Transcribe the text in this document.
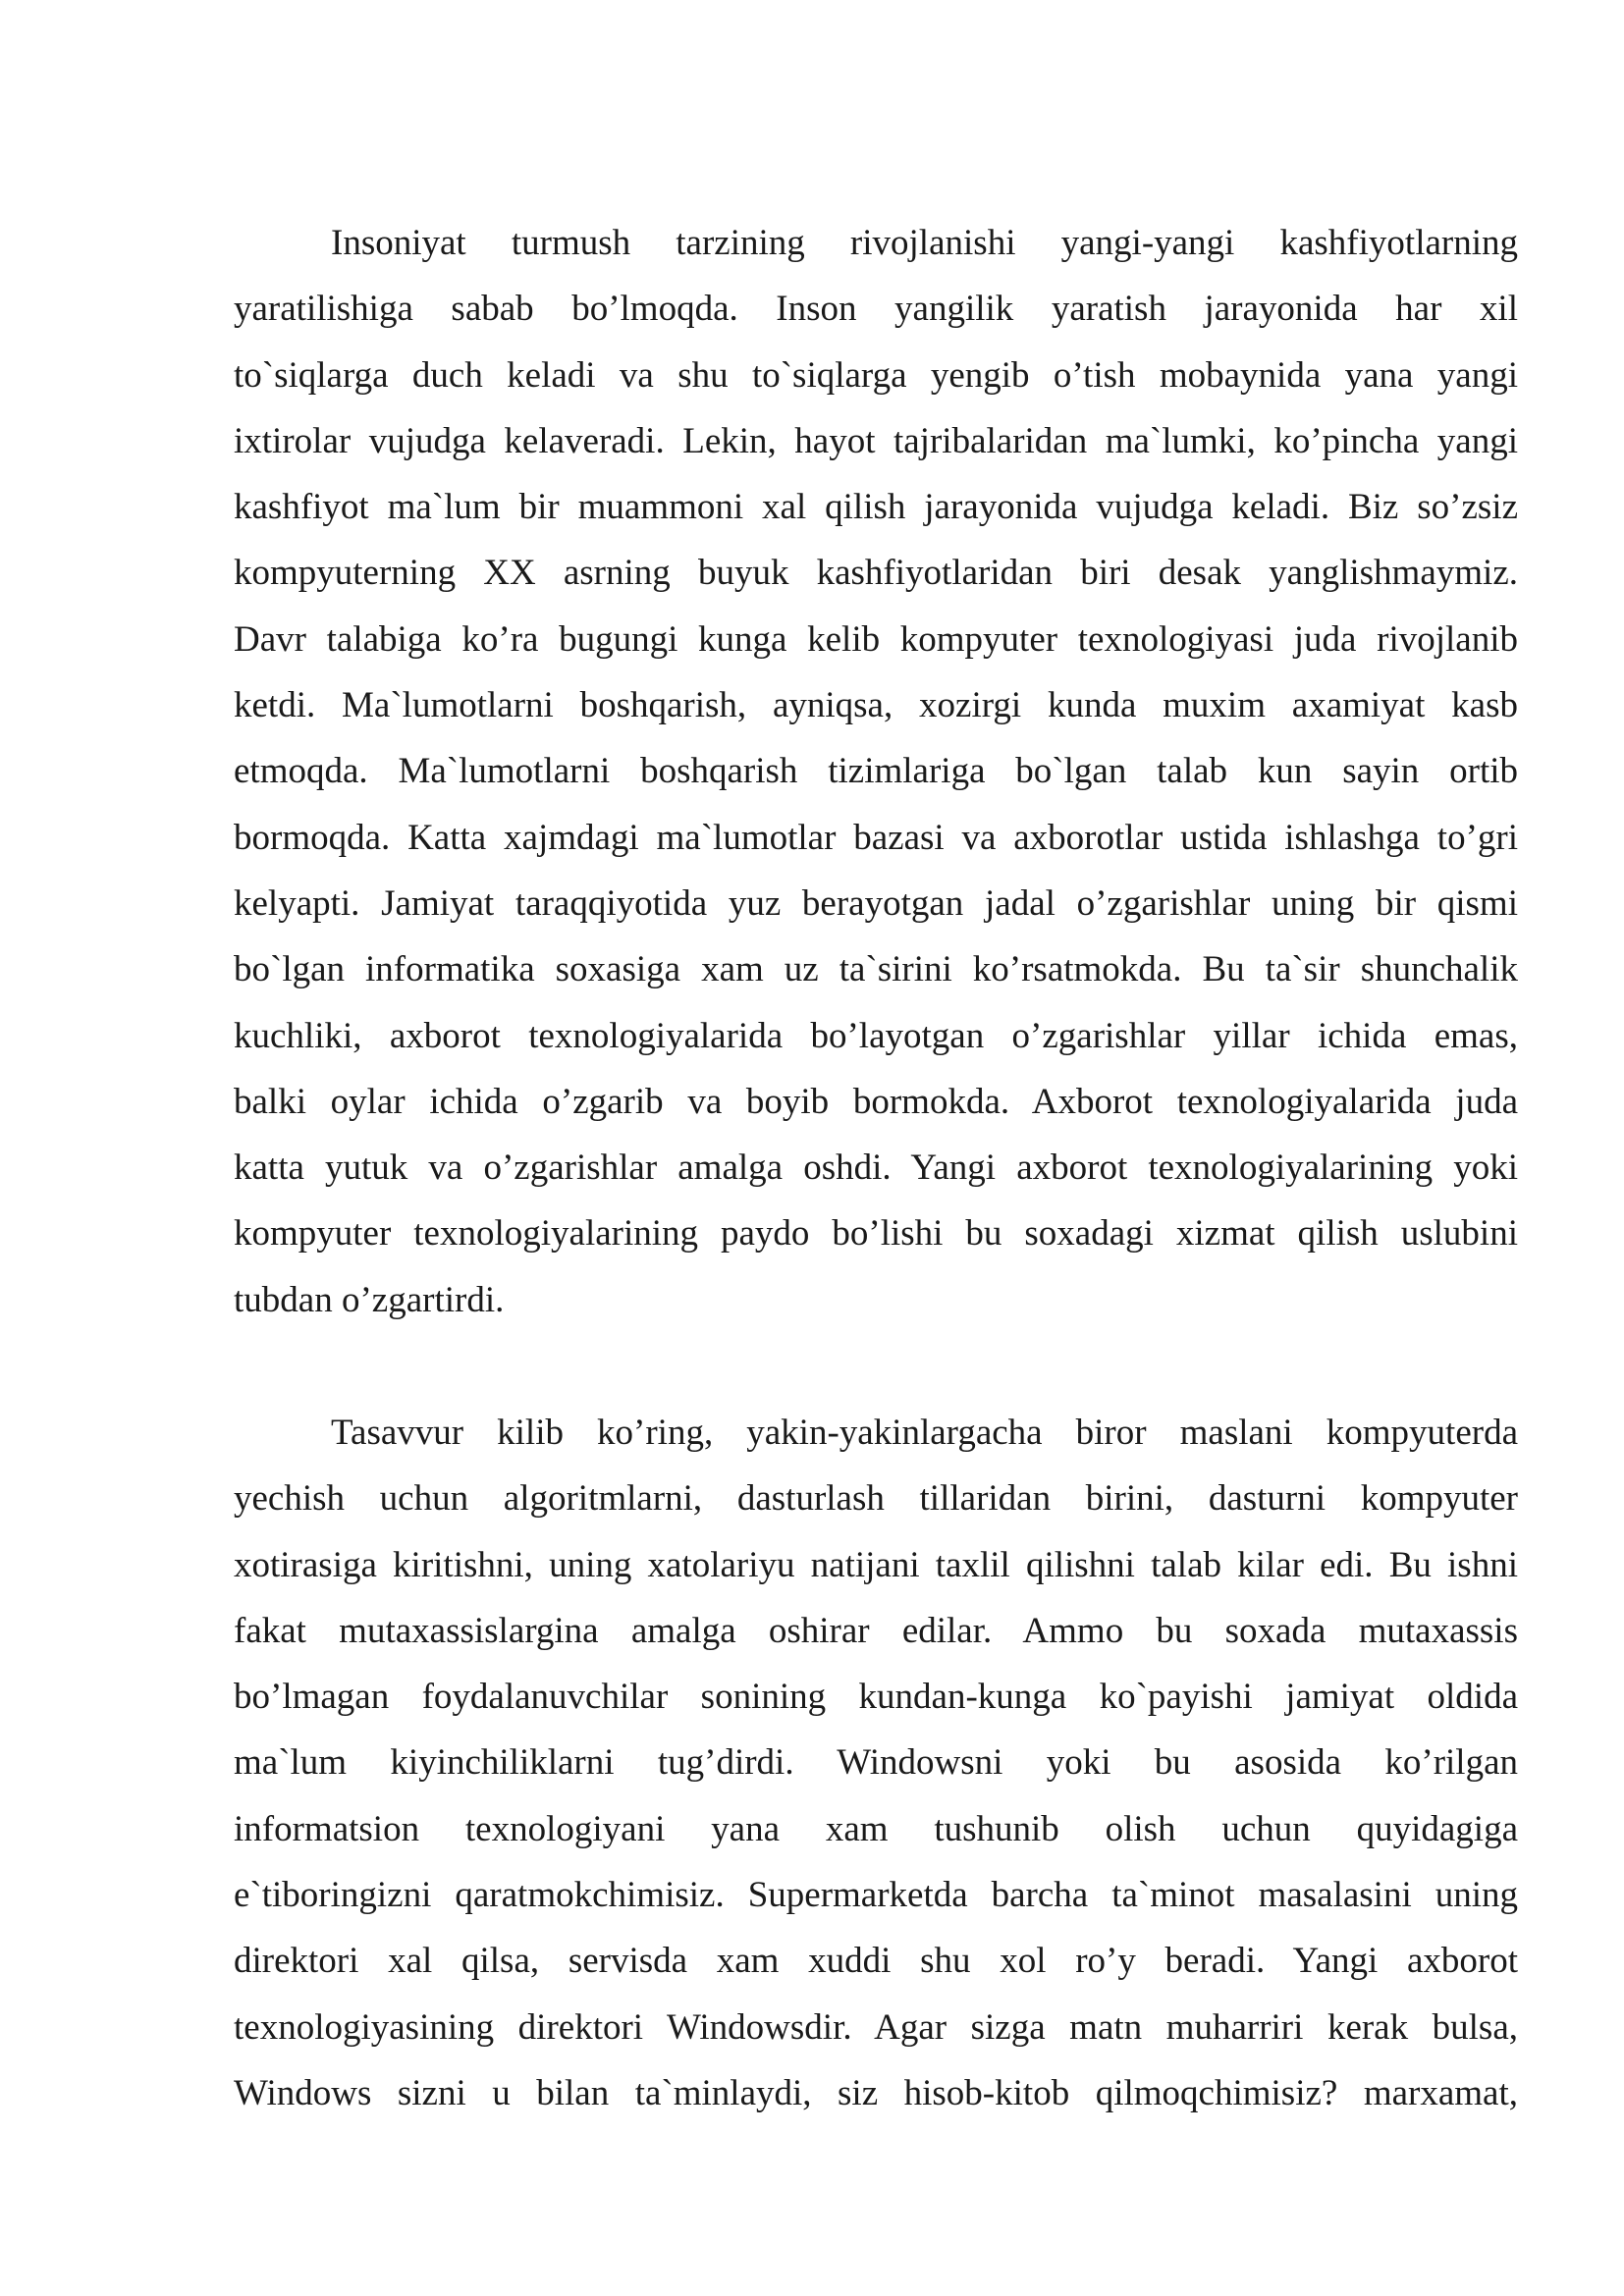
Insoniyat turmush tarzining rivojlanishi yangi-yangi kashfiyotlarning
yaratilishiga sabab bo’lmoqda. Inson yangilik yaratish jarayonida har xil
to`siqlarga duch keladi va shu to`siqlarga yengib o’tish mobaynida yana yangi
ixtirolar vujudga kelaveradi. Lekin, hayot tajribalaridan ma`lumki, ko’pincha yangi
kashfiyot ma`lum bir muammoni xal qilish jarayonida vujudga keladi. Biz so’zsiz
kompyuterning XX asrning buyuk kashfiyotlaridan biri desak yanglishmaymiz.
Davr talabiga ko’ra bugungi kunga kelib kompyuter texnologiyasi juda rivojlanib
ketdi. Ma`lumotlarni boshqarish, ayniqsa, xozirgi kunda muxim axamiyat kasb
etmoqda. Ma`lumotlarni boshqarish tizimlariga bo`lgan talab kun sayin ortib
bormoqda. Katta xajmdagi ma`lumotlar bazasi va axborotlar ustida ishlashga to’gri
kelyapti. Jamiyat taraqqiyotida yuz berayotgan jadal o’zgarishlar uning bir qismi
bo`lgan informatika soxasiga xam uz ta`sirini ko’rsatmokda. Bu ta`sir shunchalik
kuchliki, axborot texnologiyalarida bo’layotgan o’zgarishlar yillar ichida emas,
balki oylar ichida o’zgarib va boyib bormokda. Axborot texnologiyalarida juda
katta yutuk va o’zgarishlar amalga oshdi. Yangi axborot texnologiyalarining yoki
kompyuter texnologiyalarining paydo bo’lishi bu soxadagi xizmat qilish uslubini
tubdan o’zgartirdi.
Tasavvur kilib ko’ring, yakin-yakinlargacha biror maslani kompyuterda
yechish uchun algoritmlarni, dasturlash tillaridan birini, dasturni kompyuter
xotirasiga kiritishni, uning xatolariyu natijani taxlil qilishni talab kilar edi. Bu ishni
fakat mutaxassislargina amalga oshirar edilar. Ammo bu soxada mutaxassis
bo’lmagan foydalanuvchilar sonining kundan-kunga ko`payishi jamiyat oldida
ma`lum kiyinchiliklarni tug’dirdi. Windowsni yoki bu asosida ko’rilgan
informatsion texnologiyani yana xam tushunib olish uchun quyidagiga
e`tiboringizni qaratmokchimisiz. Supermarketda barcha ta`minot masalasini uning
direktori xal qilsa, servisda xam xuddi shu xol ro’y beradi. Yangi axborot
texnologiyasining direktori Windowsdir. Agar sizga matn muharriri kerak bulsa,
Windows sizni u bilan ta`minlaydi, siz hisob-kitob qilmoqchimisiz? marxamat,
